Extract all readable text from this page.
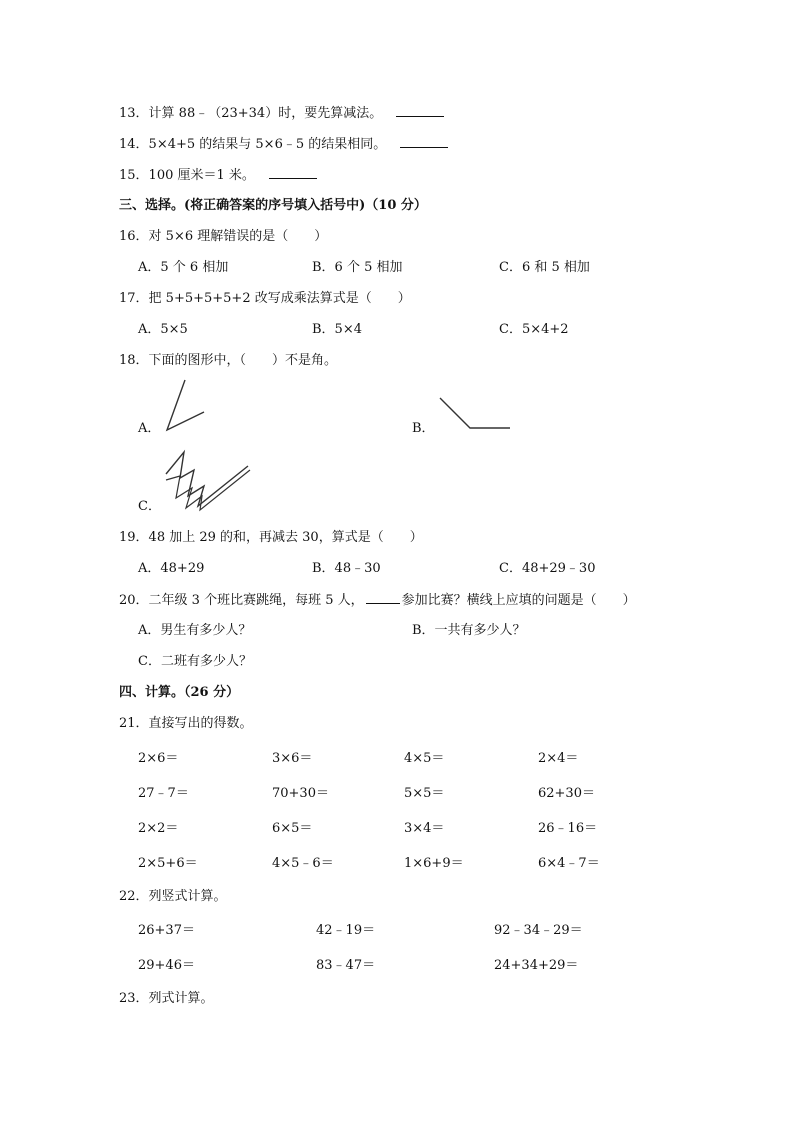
13．计算 88﹣（23+34）时，要先算减法。
14．5×4+5 的结果与 5×6﹣5 的结果相同。
15．100 厘米＝1 米。
三、选择。(将正确答案的序号填入括号中)（10 分）
16．对 5×6 理解错误的是（　　）
A．5 个 6 相加	B．6 个 5 相加	C．6 和 5 相加
17．把 5+5+5+5+2 改写成乘法算式是（　　）
A．5×5	B．5×4	C．5×4+2
18．下面的图形中，（　　）不是角。
A．	B．
C．
19．48 加上 29 的和，再减去 30，算式是（　　）
A．48+29	B．48﹣30	C．48+29﹣30
20．二年级 3 个班比赛跳绳，每班 5 人，	参加比赛？横线上应填的问题是（　　）
A．男生有多少人？	B．一共有多少人？
C．二班有多少人？
四、计算。（26 分）
21．直接写出的得数。
2×6＝	3×6＝	4×5＝	2×4＝
27﹣7＝	70+30＝	5×5＝	62+30＝
2×2＝	6×5＝	3×4＝	26﹣16＝
2×5+6＝	4×5﹣6＝	1×6+9＝	6×4﹣7＝
22．列竖式计算。
26+37＝	42﹣19＝	92﹣34﹣29＝
29+46＝	83﹣47＝	24+34+29＝
23．列式计算。
